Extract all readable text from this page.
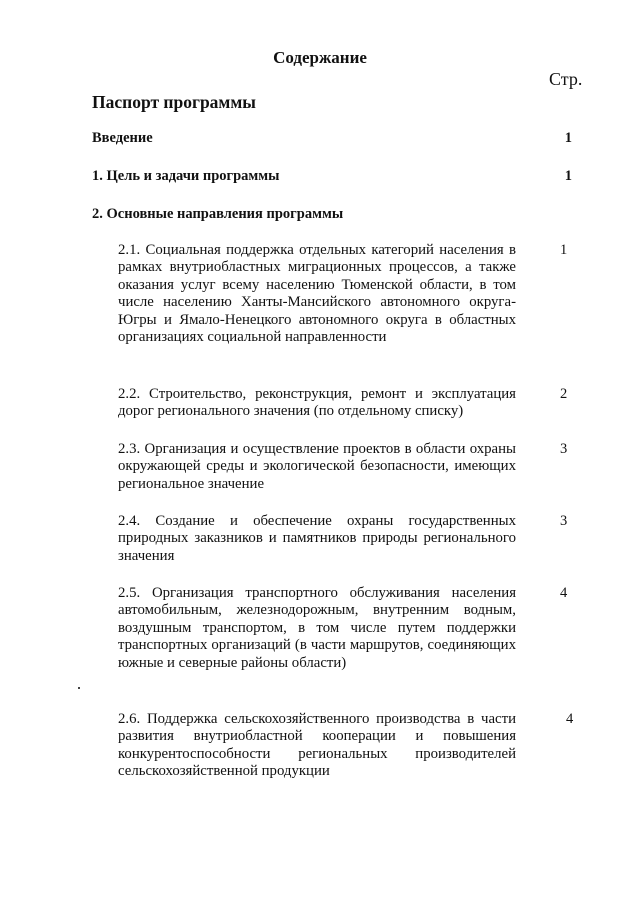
Содержание
Стр.
Паспорт программы
Введение	1
1. Цель и задачи программы	1
2. Основные направления программы
2.1. Социальная поддержка отдельных категорий населения в рамках внутриобластных миграционных процессов, а также оказания услуг всему населению Тюменской области, в том числе населению Ханты-Мансийского автономного округа-Югры и Ямало-Ненецкого автономного округа в областных организациях социальной направленности
1
2.2. Строительство, реконструкция, ремонт и эксплуатация дорог регионального значения (по отдельному списку)
2
2.3. Организация и осуществление проектов в области охраны окружающей среды и экологической безопасности, имеющих региональное значение
3
2.4. Создание и обеспечение охраны государственных природных заказников и памятников природы регионального значения
3
2.5. Организация транспортного обслуживания населения автомобильным, железнодорожным, внутренним водным, воздушным транспортом, в том числе путем поддержки транспортных организаций (в части маршрутов, соединяющих южные и северные районы области)
4
2.6. Поддержка сельскохозяйственного производства в части развития внутриобластной кооперации и повышения конкурентоспособности региональных производителей сельскохозяйственной продукции
4
